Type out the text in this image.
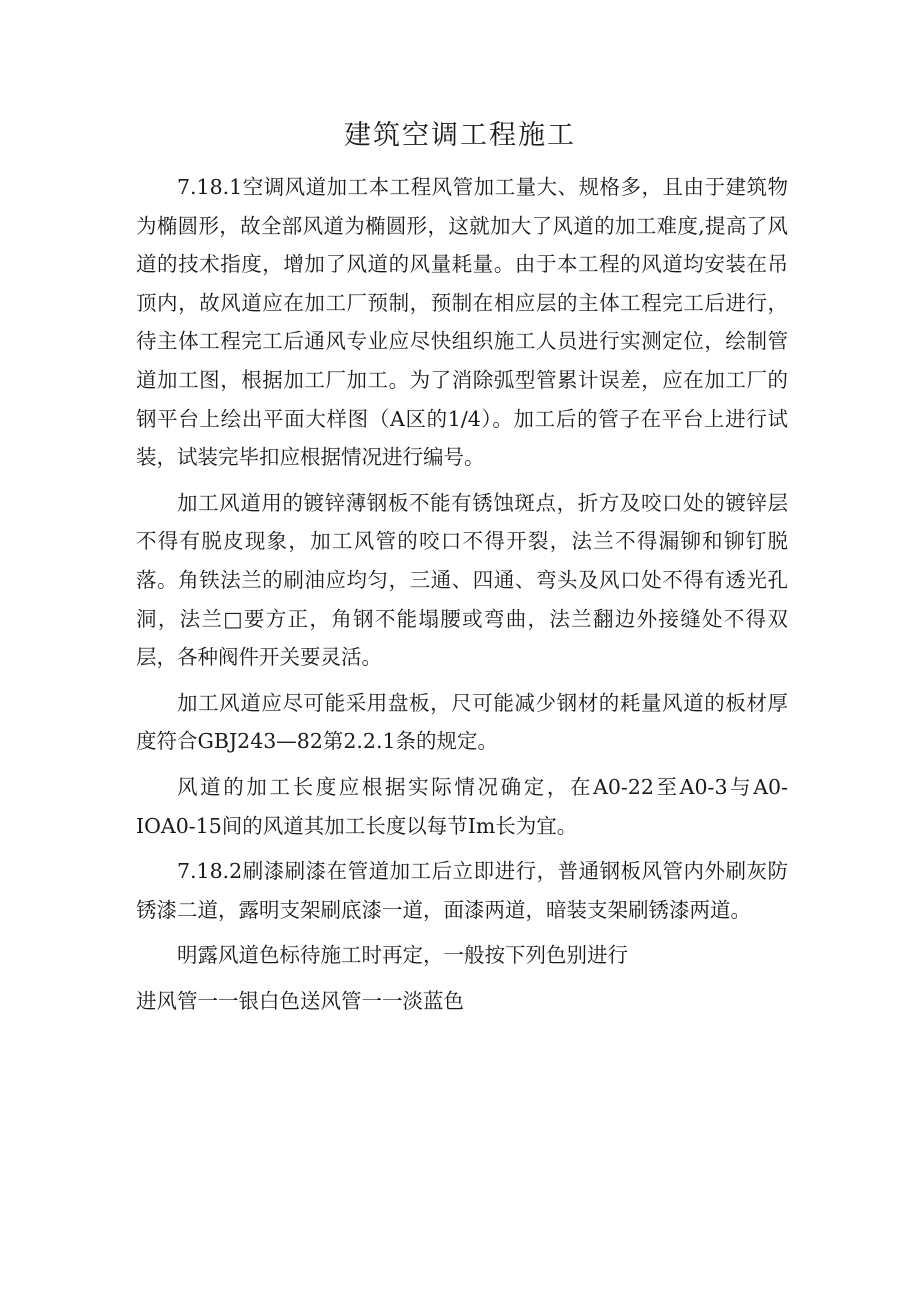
建筑空调工程施工

7.18.1空调风道加工本工程风管加工量大、规格多，且由于建筑物为椭圆形，故全部风道为椭圆形，这就加大了风道的加工难度,提高了风道的技术指度，增加了风道的风量耗量。由于本工程的风道均安装在吊顶内，故风道应在加工厂预制，预制在相应层的主体工程完工后进行，待主体工程完工后通风专业应尽快组织施工人员进行实测定位，绘制管道加工图，根据加工厂加工。为了消除弧型管累计误差，应在加工厂的钢平台上绘出平面大样图（A区的1/4）。加工后的管子在平台上进行试装，试装完毕扣应根据情况进行编号。

加工风道用的镀锌薄钢板不能有锈蚀斑点，折方及咬口处的镀锌层不得有脱皮现象，加工风管的咬口不得开裂，法兰不得漏铆和铆钉脱落。角铁法兰的刷油应均匀，三通、四通、弯头及风口处不得有透光孔洞，法兰□要方正，角钢不能塌腰或弯曲，法兰翻边外接缝处不得双层，各种阀件开关要灵活。

加工风道应尽可能采用盘板，尺可能减少钢材的耗量风道的板材厚度符合GBJ243—82第2.2.1条的规定。

风道的加工长度应根据实际情况确定，在A0-22至A0-3与A0-IOA0-15间的风道其加工长度以每节Im长为宜。

7.18.2刷漆刷漆在管道加工后立即进行，普通钢板风管内外刷灰防锈漆二道，露明支架刷底漆一道，面漆两道，暗装支架刷锈漆两道。

明露风道色标待施工时再定，一般按下列色别进行

进风管一一银白色送风管一一淡蓝色
